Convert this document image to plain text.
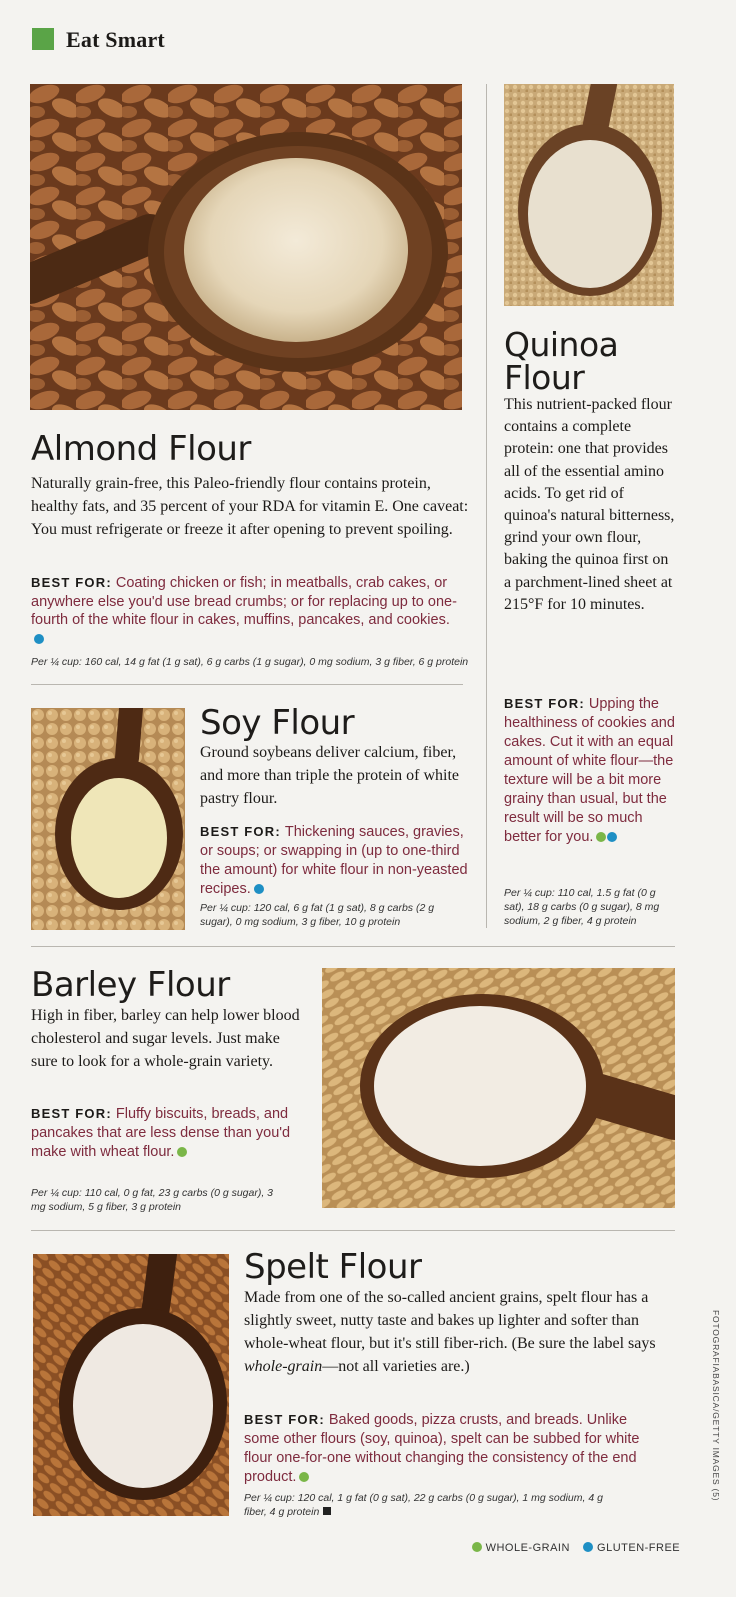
Eat Smart
Almond Flour
Naturally grain-free, this Paleo-friendly flour contains protein, healthy fats, and 35 percent of your RDA for vitamin E. One caveat: You must refrigerate or freeze it after opening to prevent spoiling.
BEST FOR: Coating chicken or fish; in meatballs, crab cakes, or anywhere else you'd use bread crumbs; or for replacing up to one-fourth of the white flour in cakes, muffins, pancakes, and cookies.
Per ¼ cup: 160 cal, 14 g fat (1 g sat), 6 g carbs (1 g sugar), 0 mg sodium, 3 g fiber, 6 g protein
Quinoa
Flour
This nutrient-packed flour contains a complete protein: one that provides all of the essential amino acids. To get rid of quinoa's natural bitterness, grind your own flour, baking the quinoa first on a parchment-lined sheet at 215°F for 10 minutes.
BEST FOR: Upping the healthiness of cookies and cakes. Cut it with an equal amount of white flour—the texture will be a bit more grainy than usual, but the result will be so much better for you.
Per ¼ cup: 110 cal, 1.5 g fat (0 g sat), 18 g carbs (0 g sugar), 8 mg sodium, 2 g fiber, 4 g protein
Soy Flour
Ground soybeans deliver calcium, fiber, and more than triple the protein of white pastry flour.
BEST FOR: Thickening sauces, gravies, or soups; or swapping in (up to one-third the amount) for white flour in non-yeasted recipes.
Per ¼ cup: 120 cal, 6 g fat (1 g sat), 8 g carbs (2 g sugar), 0 mg sodium, 3 g fiber, 10 g protein
Barley Flour
High in fiber, barley can help lower blood cholesterol and sugar levels. Just make sure to look for a whole-grain variety.
BEST FOR: Fluffy biscuits, breads, and pancakes that are less dense than you'd make with wheat flour.
Per ¼ cup: 110 cal, 0 g fat, 23 g carbs (0 g sugar), 3 mg sodium, 5 g fiber, 3 g protein
Spelt Flour
Made from one of the so-called ancient grains, spelt flour has a slightly sweet, nutty taste and bakes up lighter and softer than whole-wheat flour, but it's still fiber-rich. (Be sure the label says whole-grain—not all varieties are.)
BEST FOR: Baked goods, pizza crusts, and breads. Unlike some other flours (soy, quinoa), spelt can be subbed for white flour one-for-one without changing the consistency of the end product.
Per ¼ cup: 120 cal, 1 g fat (0 g sat), 22 g carbs (0 g sugar), 1 mg sodium, 4 g fiber, 4 g protein
FOTOGRAFIABASICA/GETTY IMAGES (5)
WHOLE-GRAIN GLUTEN-FREE
